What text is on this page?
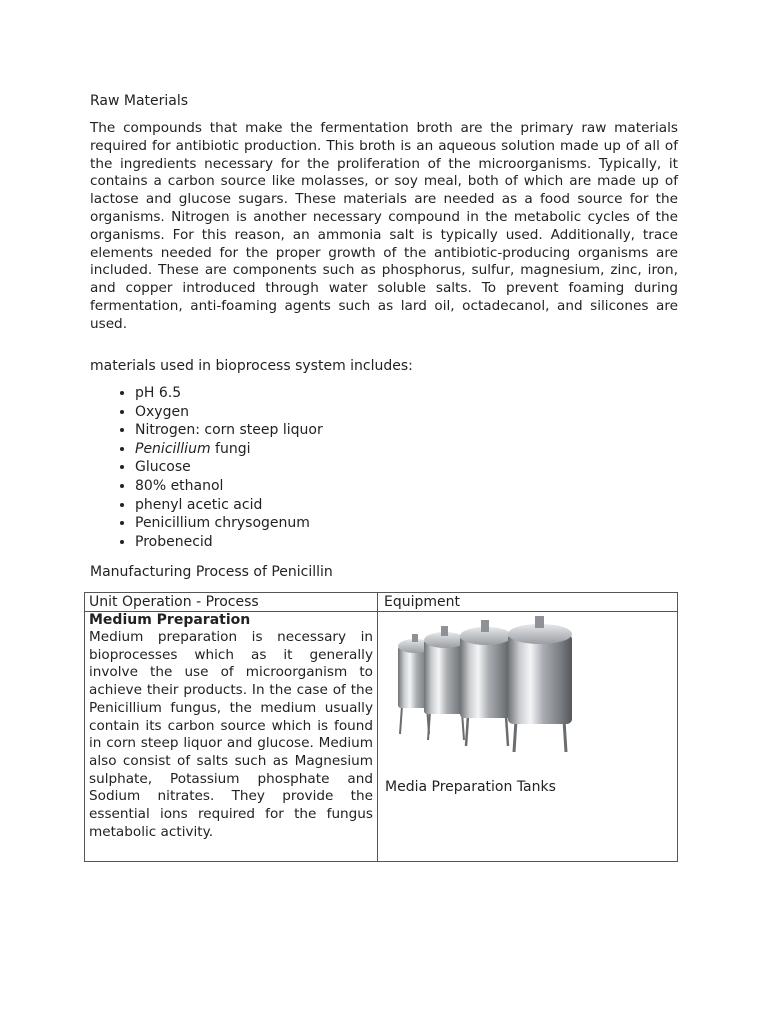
Raw Materials

The compounds that make the fermentation broth are the primary raw materials required for antibiotic production. This broth is an aqueous solution made up of all of the ingredients necessary for the proliferation of the microorganisms. Typically, it contains a carbon source like molasses, or soy meal, both of which are made up of lactose and glucose sugars. These materials are needed as a food source for the organisms. Nitrogen is another necessary compound in the metabolic cycles of the organisms. For this reason, an ammonia salt is typically used. Additionally, trace elements needed for the proper growth of the antibiotic-producing organisms are included. These are components such as phosphorus, sulfur, magnesium, zinc, iron, and copper introduced through water soluble salts. To prevent foaming during fermentation, anti-foaming agents such as lard oil, octadecanol, and silicones are used.

materials used in bioprocess system includes:
• pH 6.5
• Oxygen
• Nitrogen: corn steep liquor
• Penicillium fungi
• Glucose
• 80% ethanol
• phenyl acetic acid
• Penicillium chrysogenum
• Probenecid
Manufacturing Process of Penicillin
Unit Operation - Process	Equipment

Medium Preparation

Medium preparation is necessary in bioprocesses which as it generally involve the use of microorganism to achieve their products. In the case of the Penicillium fungus, the medium usually contain its carbon source which is found in corn steep liquor and glucose. Medium also consist of salts such as Magnesium sulphate, Potassium phosphate and Sodium nitrates. They provide the essential ions required for the fungus metabolic activity.	Media Preparation Tanks
